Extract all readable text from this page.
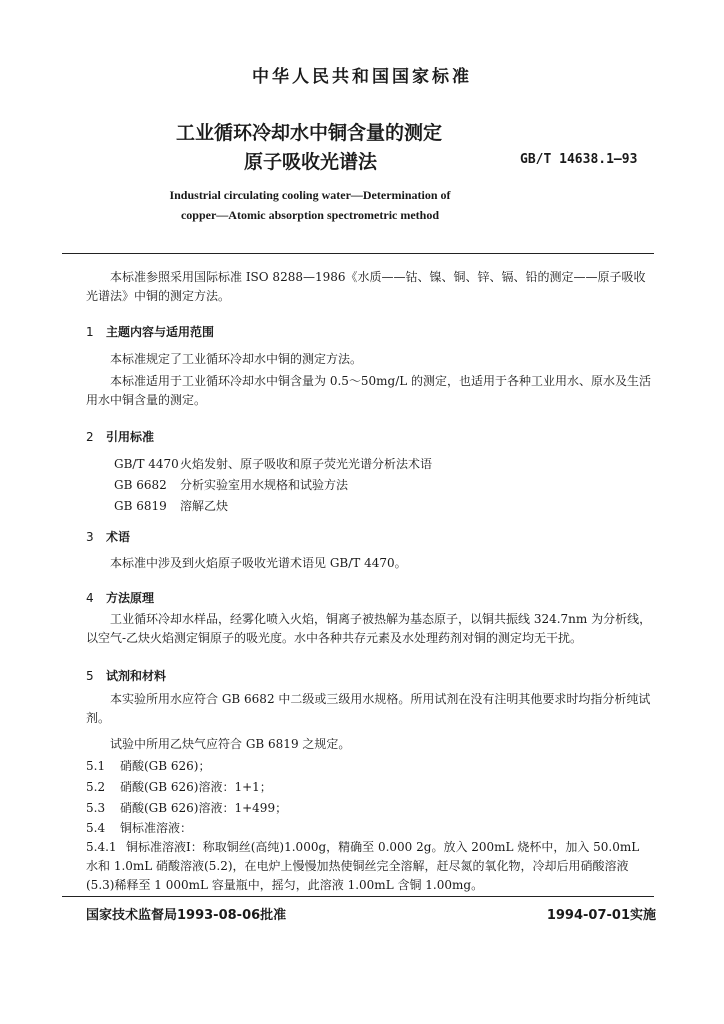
中华人民共和国国家标准
工业循环冷却水中铜含量的测定
原子吸收光谱法	GB/T 14638.1—93
Industrial circulating cooling water—Determination of
copper—Atomic absorption spectrometric method

本标准参照采用国际标准 ISO 8288—1986《水质——钴、镍、铜、锌、镉、铅的测定——原子吸收光谱法》中铜的测定方法。

1 主题内容与适用范围

本标准规定了工业循环冷却水中铜的测定方法。

本标准适用于工业循环冷却水中铜含量为 0.5～50mg/L 的测定，也适用于各种工业用水、原水及生活用水中铜含量的测定。

2 引用标准
GB/T 4470火焰发射、原子吸收和原子荧光光谱分析法术语
GB 6682 分析实验室用水规格和试验方法
GB 6819 溶解乙炔
3 术语

本标准中涉及到火焰原子吸收光谱术语见 GB/T 4470。

4 方法原理

工业循环冷却水样品，经雾化喷入火焰，铜离子被热解为基态原子，以铜共振线 324.7nm 为分析线，以空气-乙炔火焰测定铜原子的吸光度。水中各种共存元素及水处理药剂对铜的测定均无干扰。

5 试剂和材料

本实验所用水应符合 GB 6682 中二级或三级用水规格。所用试剂在没有注明其他要求时均指分析纯试剂。

试验中所用乙炔气应符合 GB 6819 之规定。

5.1 硝酸(GB 626)；
5.2 硝酸(GB 626)溶液：1+1；
5.3 硝酸(GB 626)溶液：1+499；
5.4 铜标准溶液：
5.4.1 铜标准溶液Ⅰ：称取铜丝(高纯)1.000g，精确至 0.000 2g。放入 200mL 烧杯中，加入 50.0mL 水和 1.0mL 硝酸溶液(5.2)，在电炉上慢慢加热使铜丝完全溶解，赶尽氮的氧化物，冷却后用硝酸溶液(5.3)稀释至 1 000mL 容量瓶中，摇匀，此溶液 1.00mL 含铜 1.00mg。
国家技术监督局1993-08-06批准	1994-07-01实施
